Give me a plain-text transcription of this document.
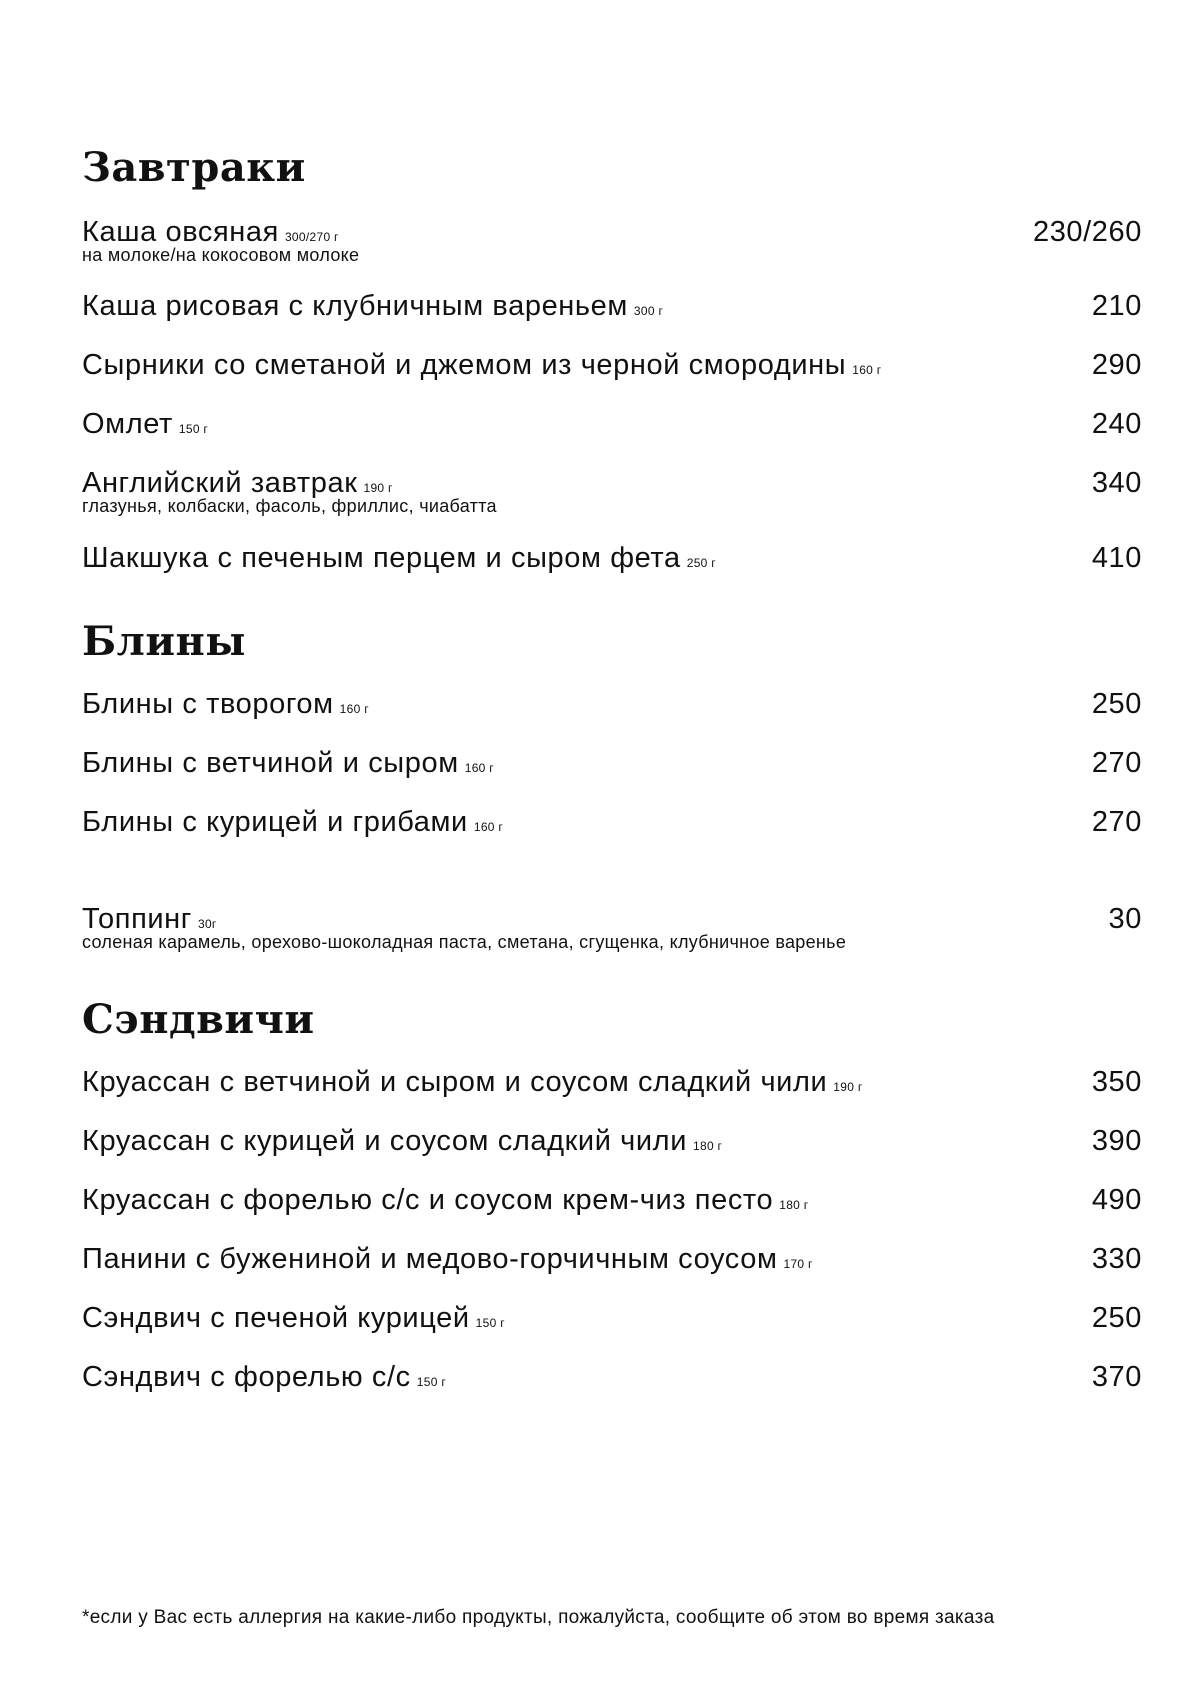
Завтраки
Каша овсяная 300/270 г	230/260
на молоке/на кокосовом молоке
Каша рисовая с клубничным вареньем 300 г	210
Сырники со сметаной и джемом из черной смородины 160 г	290
Омлет 150 г	240
Английский завтрак 190 г	340
глазунья, колбаски, фасоль, фриллис, чиабатта
Шакшука с печеным перцем и сыром фета 250 г	410
Блины
Блины с творогом 160 г	250
Блины с ветчиной и сыром 160 г	270
Блины с курицей и грибами 160 г	270
Топпинг 30г	30
соленая карамель, орехово-шоколадная паста, сметана, сгущенка, клубничное варенье
Сэндвичи
Круассан с ветчиной и сыром и соусом сладкий чили 190 г	350
Круассан с курицей и соусом сладкий чили 180 г	390
Круассан с форелью с/с и соусом крем-чиз песто 180 г	490
Панини с бужениной и медово-горчичным соусом 170 г	330
Сэндвич с печеной курицей 150 г	250
Сэндвич с форелью с/с 150 г	370
*если у Вас есть аллергия на какие-либо продукты, пожалуйста, сообщите об этом во время заказа
